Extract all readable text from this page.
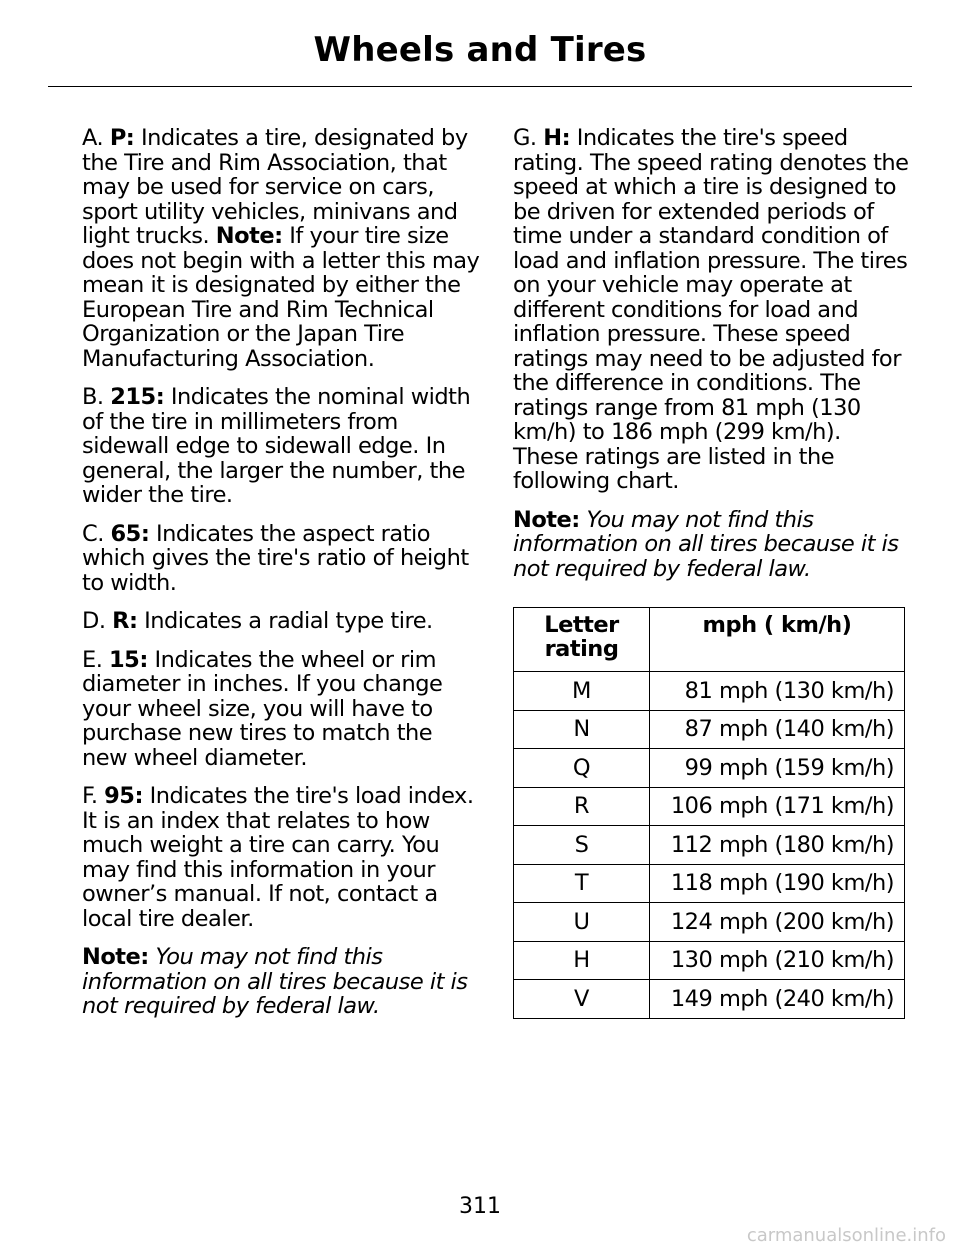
Wheels and Tires

A. P: Indicates a tire, designated by the Tire and Rim Association, that may be used for service on cars, sport utility vehicles, minivans and light trucks. Note: If your tire size does not begin with a letter this may mean it is designated by either the European Tire and Rim Technical Organization or the Japan Tire Manufacturing Association.

B. 215: Indicates the nominal width of the tire in millimeters from sidewall edge to sidewall edge. In general, the larger the number, the wider the tire.

C. 65: Indicates the aspect ratio which gives the tire's ratio of height to width.

D. R: Indicates a radial type tire.

E. 15: Indicates the wheel or rim diameter in inches. If you change your wheel size, you will have to purchase new tires to match the new wheel diameter.

F. 95: Indicates the tire's load index. It is an index that relates to how much weight a tire can carry. You may find this information in your owner’s manual. If not, contact a local tire dealer.

Note: You may not find this information on all tires because it is not required by federal law.

G. H: Indicates the tire's speed rating. The speed rating denotes the speed at which a tire is designed to be driven for extended periods of time under a standard condition of load and inflation pressure. The tires on your vehicle may operate at different conditions for load and inflation pressure. These speed ratings may need to be adjusted for the difference in conditions. The ratings range from 81 mph (130 km/h) to 186 mph (299 km/h). These ratings are listed in the following chart.

Note: You may not find this information on all tires because it is not required by federal law.

Letter rating	mph ( km/h)
M	81 mph (130 km/h)
N	87 mph (140 km/h)
Q	99 mph (159 km/h)
R	106 mph (171 km/h)
S	112 mph (180 km/h)
T	118 mph (190 km/h)
U	124 mph (200 km/h)
H	130 mph (210 km/h)
V	149 mph (240 km/h)
311
carmanualsonline.info
